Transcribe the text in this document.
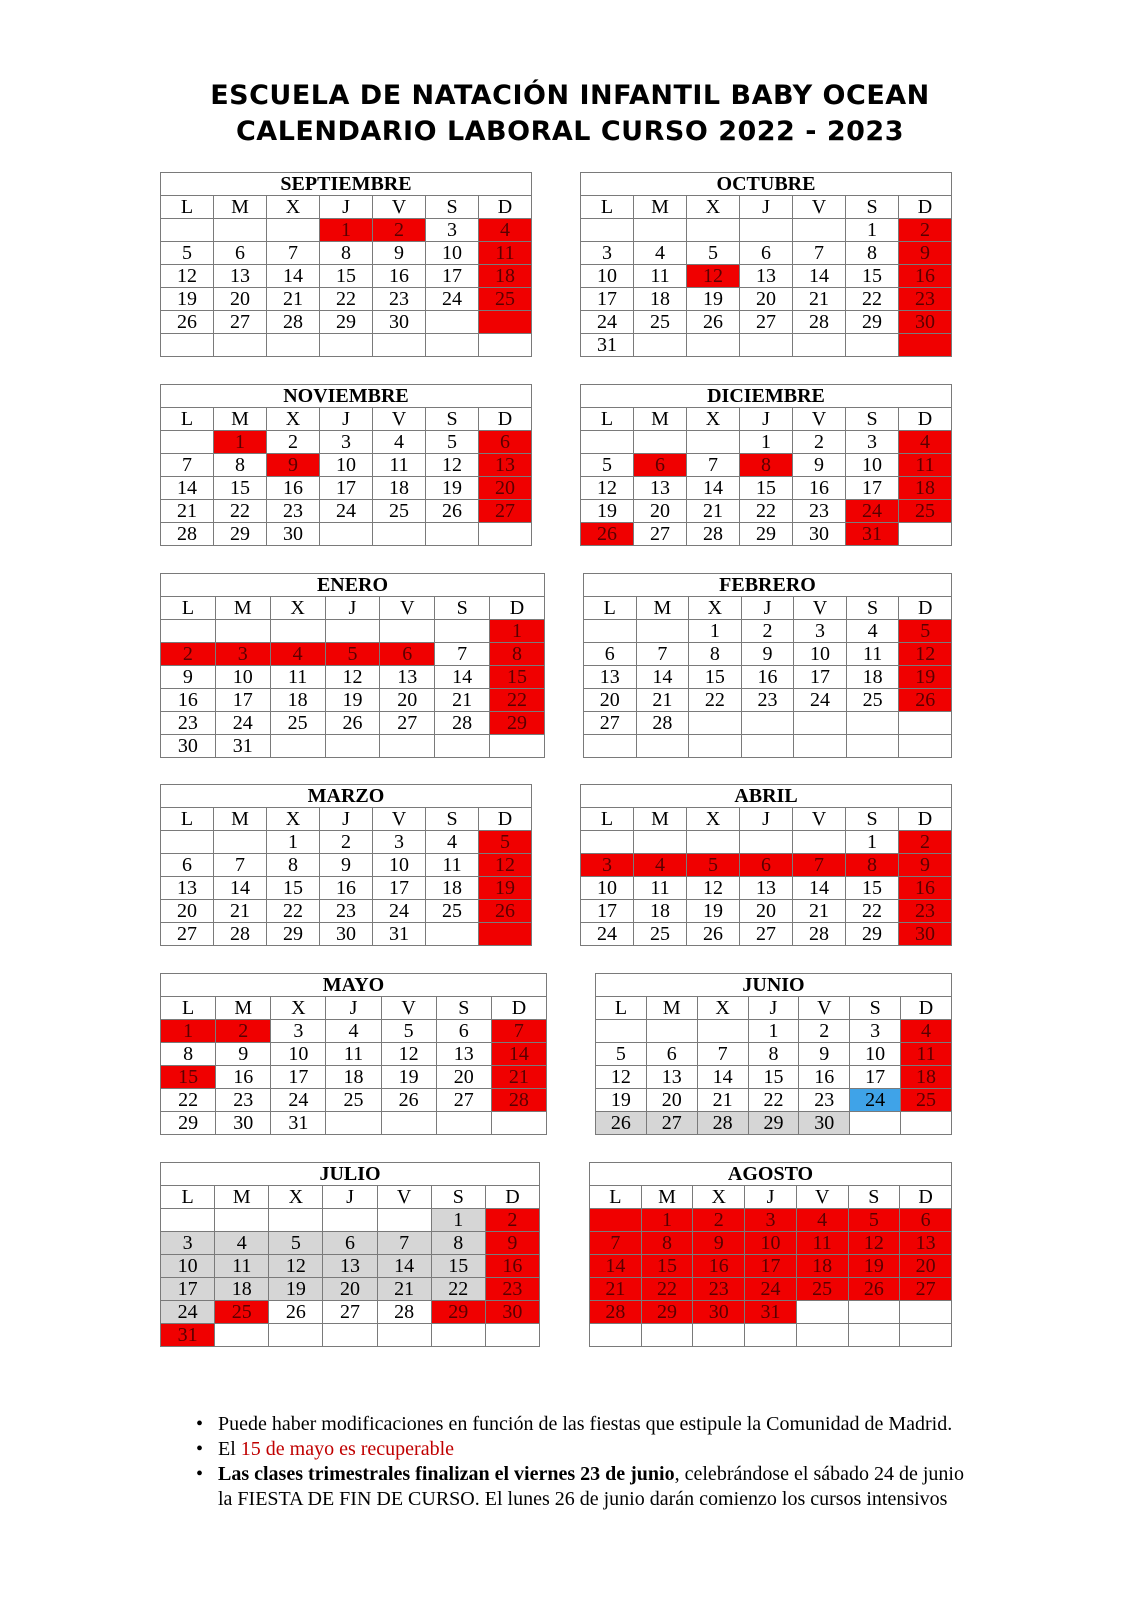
ESCUELA DE NATACIÓN INFANTIL BABY OCEAN
CALENDARIO LABORAL CURSO 2022 - 2023
SEPTIEMBRE						
L	M	X	J	V	S	D
			1	2	3	4
5	6	7	8	9	10	11
12	13	14	15	16	17	18
19	20	21	22	23	24	25
26	27	28	29	30		

OCTUBRE						
L	M	X	J	V	S	D
					1	2
3	4	5	6	7	8	9
10	11	12	13	14	15	16
17	18	19	20	21	22	23
24	25	26	27	28	29	30
31						
NOVIEMBRE						
L	M	X	J	V	S	D
	1	2	3	4	5	6
7	8	9	10	11	12	13
14	15	16	17	18	19	20
21	22	23	24	25	26	27
28	29	30				
DICIEMBRE						
L	M	X	J	V	S	D
			1	2	3	4
5	6	7	8	9	10	11
12	13	14	15	16	17	18
19	20	21	22	23	24	25
26	27	28	29	30	31	
ENERO						
L	M	X	J	V	S	D
						1
2	3	4	5	6	7	8
9	10	11	12	13	14	15
16	17	18	19	20	21	22
23	24	25	26	27	28	29
30	31					
FEBRERO						
L	M	X	J	V	S	D
		1	2	3	4	5
6	7	8	9	10	11	12
13	14	15	16	17	18	19
20	21	22	23	24	25	26
27	28					

MARZO						
L	M	X	J	V	S	D
		1	2	3	4	5
6	7	8	9	10	11	12
13	14	15	16	17	18	19
20	21	22	23	24	25	26
27	28	29	30	31		
ABRIL						
L	M	X	J	V	S	D
					1	2
3	4	5	6	7	8	9
10	11	12	13	14	15	16
17	18	19	20	21	22	23
24	25	26	27	28	29	30
MAYO						
L	M	X	J	V	S	D
1	2	3	4	5	6	7
8	9	10	11	12	13	14
15	16	17	18	19	20	21
22	23	24	25	26	27	28
29	30	31				
JUNIO						
L	M	X	J	V	S	D
			1	2	3	4
5	6	7	8	9	10	11
12	13	14	15	16	17	18
19	20	21	22	23	24	25
26	27	28	29	30		
JULIO						
L	M	X	J	V	S	D
					1	2
3	4	5	6	7	8	9
10	11	12	13	14	15	16
17	18	19	20	21	22	23
24	25	26	27	28	29	30
31						
AGOSTO						
L	M	X	J	V	S	D
	1	2	3	4	5	6
7	8	9	10	11	12	13
14	15	16	17	18	19	20
21	22	23	24	25	26	27
28	29	30	31			

• Puede haber modificaciones en función de las fiestas que estipule la Comunidad de Madrid.
• El 15 de mayo es recuperable
• Las clases trimestrales finalizan el viernes 23 de junio, celebrándose el sábado 24 de junio la FIESTA DE FIN DE CURSO. El lunes 26 de junio darán comienzo los cursos intensivos
